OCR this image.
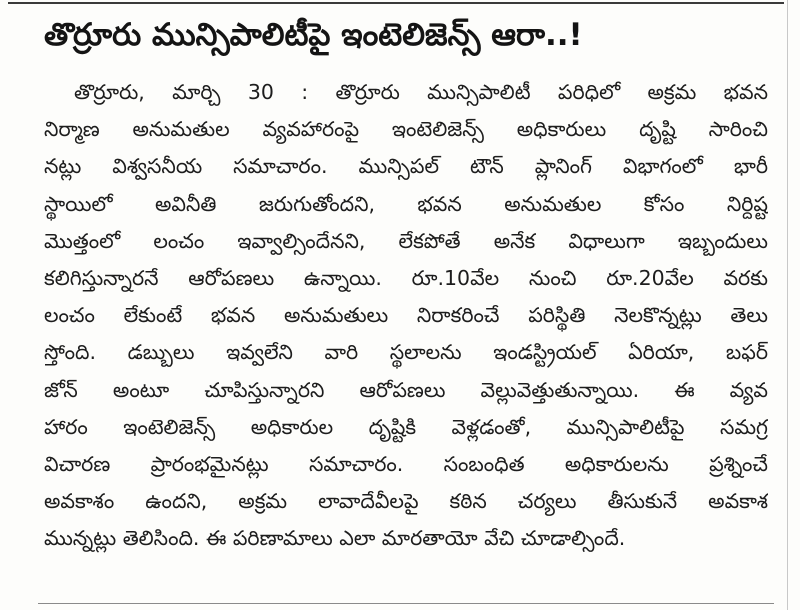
తొర్రూరు మున్సిపాలిటీపై ఇంటెలిజెన్స్ ఆరా..!
తొర్రూరు, మార్చి 30 : తొర్రూరు మున్సిపాలిటీ పరిధిలో అక్రమ భవన
నిర్మాణ అనుమతుల వ్యవహారంపై ఇంటెలిజెన్స్ అధికారులు దృష్టి సారించి
నట్లు విశ్వసనీయ సమాచారం. మున్సిపల్ టౌన్ ప్లానింగ్ విభాగంలో భారీ
స్థాయిలో అవినీతి జరుగుతోందని, భవన అనుమతుల కోసం నిర్దిష్ట
మొత్తంలో లంచం ఇవ్వాల్సిందేనని, లేకపోతే అనేక విధాలుగా ఇబ్బందులు
కలిగిస్తున్నారనే ఆరోపణలు ఉన్నాయి. రూ.10వేల నుంచి రూ.20వేల వరకు
లంచం లేకుంటే భవన అనుమతులు నిరాకరించే పరిస్థితి నెలకొన్నట్లు తెలు
స్తోంది. డబ్బులు ఇవ్వలేని వారి స్థలాలను ఇండస్ట్రియల్ ఏరియా, బఫర్
జోన్ అంటూ చూపిస్తున్నారని ఆరోపణలు వెల్లువెత్తుతున్నాయి. ఈ వ్యవ
హారం ఇంటెలిజెన్స్ అధికారుల దృష్టికి వెళ్లడంతో, మున్సిపాలిటీపై సమగ్ర
విచారణ ప్రారంభమైనట్లు సమాచారం. సంబంధిత అధికారులను ప్రశ్నించే
అవకాశం ఉందని, అక్రమ లావాదేవీలపై కఠిన చర్యలు తీసుకునే అవకాశ
మున్నట్లు తెలిసింది. ఈ పరిణామాలు ఎలా మారతాయో వేచి చూడాల్సిందే.
